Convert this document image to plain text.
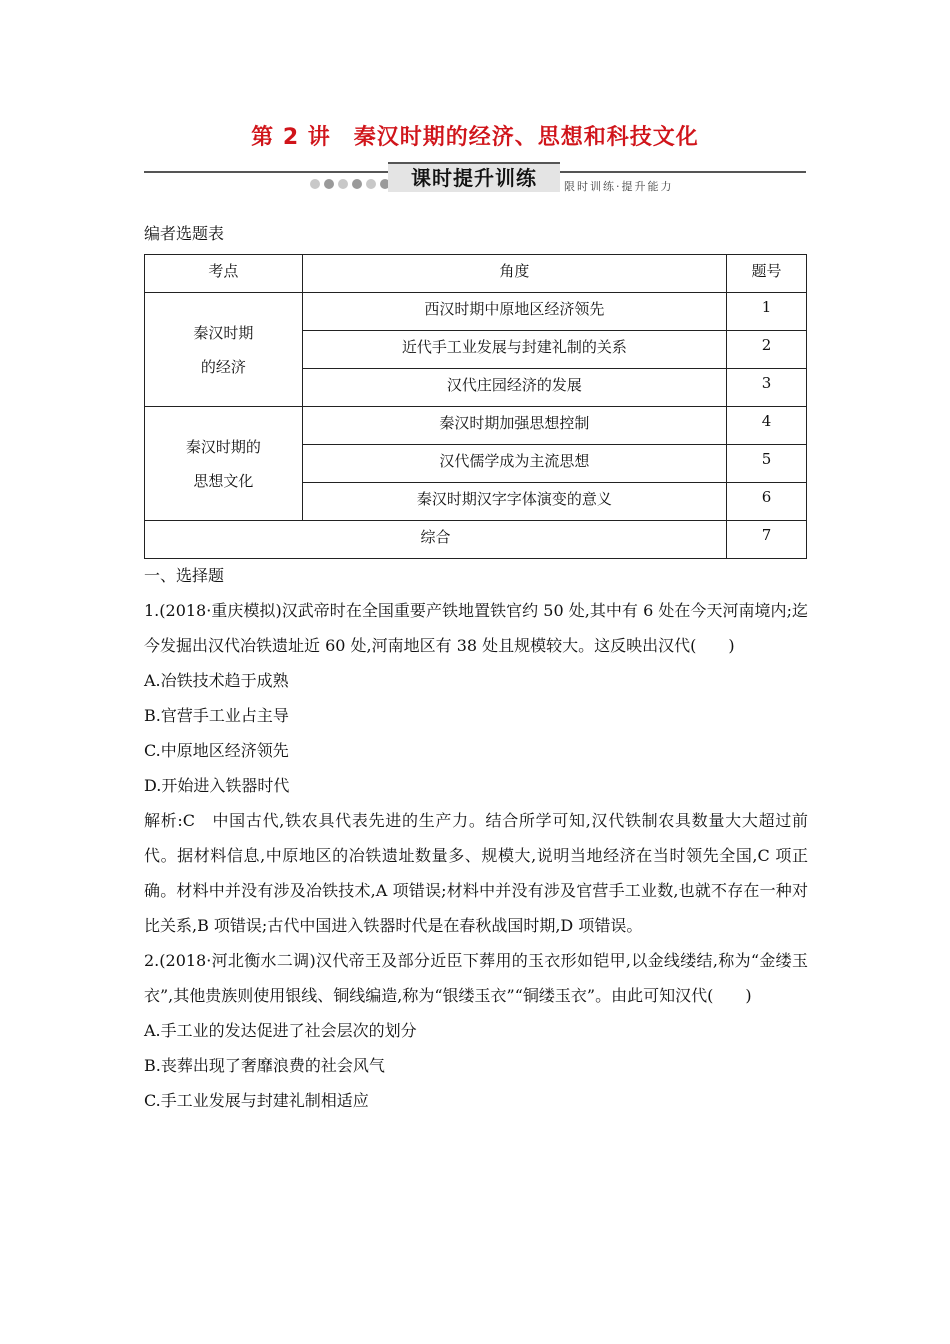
第 2 讲　秦汉时期的经济、思想和科技文化
课时提升训练	限时训练·提升能力
编者选题表
考点	角度	题号

秦汉时期
的经济	西汉时期中原地区经济领先	1
	近代手工业发展与封建礼制的关系	2
	汉代庄园经济的发展	3

秦汉时期的
思想文化	秦汉时期加强思想控制	4
	汉代儒学成为主流思想	5
	秦汉时期汉字字体演变的意义	6
综合		7

一、选择题

1.(2018·重庆模拟)汉武帝时在全国重要产铁地置铁官约 50 处,其中有 6 处在今天河南境内;迄今发掘出汉代冶铁遗址近 60 处,河南地区有 38 处且规模较大。这反映出汉代(　　)

A.冶铁技术趋于成熟

B.官营手工业占主导

C.中原地区经济领先

D.开始进入铁器时代

解析:C　中国古代,铁农具代表先进的生产力。结合所学可知,汉代铁制农具数量大大超过前代。据材料信息,中原地区的冶铁遗址数量多、规模大,说明当地经济在当时领先全国,C 项正确。材料中并没有涉及冶铁技术,A 项错误;材料中并没有涉及官营手工业数,也就不存在一种对比关系,B 项错误;古代中国进入铁器时代是在春秋战国时期,D 项错误。

2.(2018·河北衡水二调)汉代帝王及部分近臣下葬用的玉衣形如铠甲,以金线缕结,称为“金缕玉衣”,其他贵族则使用银线、铜线编造,称为“银缕玉衣”“铜缕玉衣”。由此可知汉代(　　)

A.手工业的发达促进了社会层次的划分

B.丧葬出现了奢靡浪费的社会风气

C.手工业发展与封建礼制相适应
